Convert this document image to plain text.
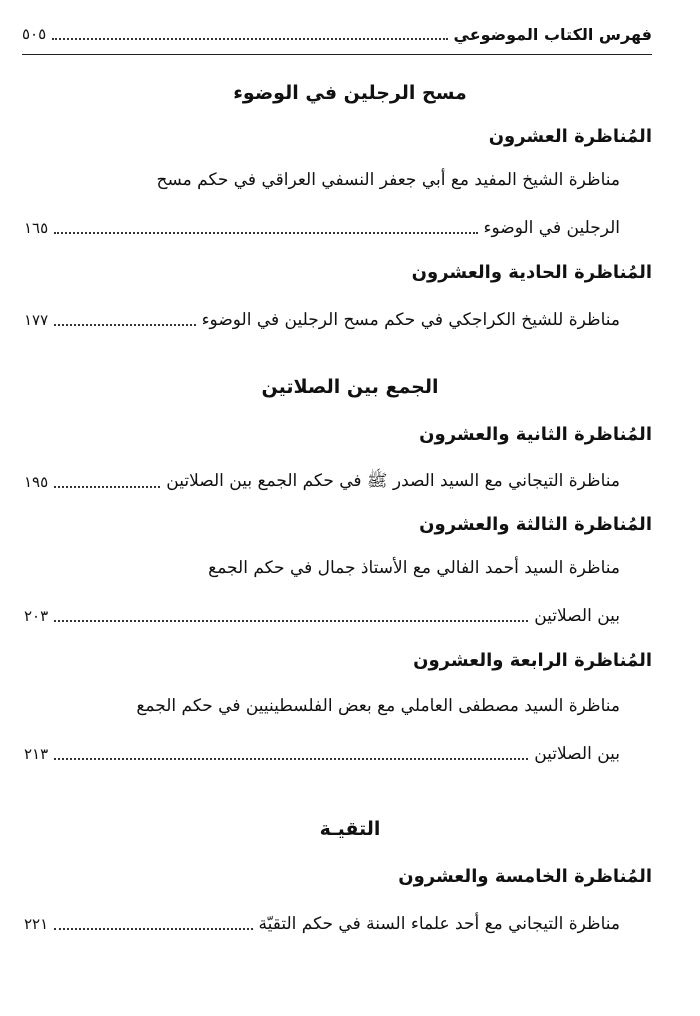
٥٠٥	فهرس الكتاب الموضوعي
مسح الرجلين في الوضوء
المُناظرة العشرون
مناظرة الشيخ المفيد مع أبي جعفر النسفي العراقي في حكم مسح
١٦٥	الرجلين في الوضوء
المُناظرة الحادية والعشرون
١٧٧	مناظرة للشيخ الكراجكي في حكم مسح الرجلين في الوضوء
الجمع بين الصلاتين
المُناظرة الثانية والعشرون
١٩٥	مناظرة التيجاني مع السيد الصدر ﷺ في حكم الجمع بين الصلاتين
المُناظرة الثالثة والعشرون
مناظرة السيد أحمد الفالي مع الأستاذ جمال في حكم الجمع
٢٠٣	بين الصلاتين
المُناظرة الرابعة والعشرون
مناظرة السيد مصطفى العاملي مع بعض الفلسطينيين في حكم الجمع
٢١٣	بين الصلاتين
التقيـة
المُناظرة الخامسة والعشرون
٢٢١	مناظرة التيجاني مع أحد علماء السنة في حكم التقيّة
